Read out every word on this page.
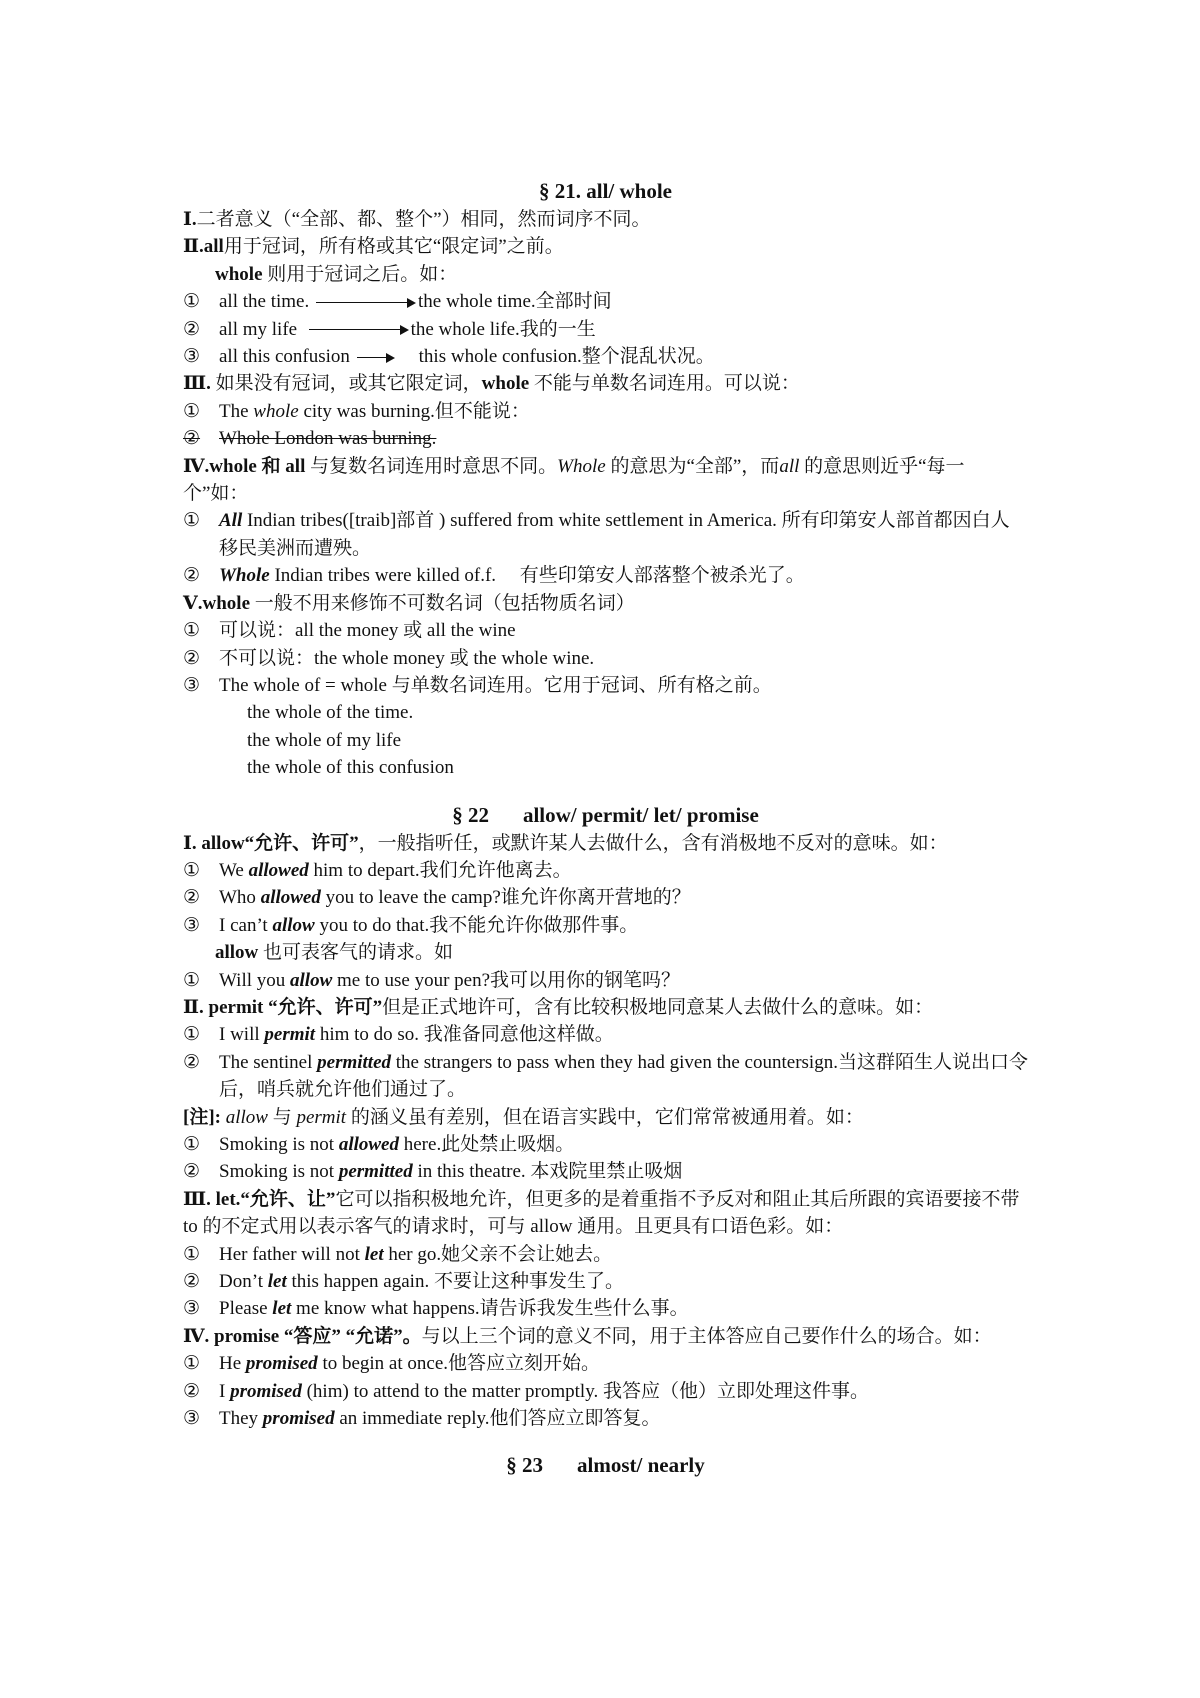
§ 21. all/ whole
Ⅰ.二者意义（“全部、都、整个”）相同，然而词序不同。
Ⅱ.all用于冠词，所有格或其它“限定词”之前。
whole 则用于冠词之后。如：
① all the time.	the whole time.全部时间
② all my life	the whole life.我的一生
③ all this confusion	this whole confusion.整个混乱状况。
Ⅲ. 如果没有冠词，或其它限定词，whole 不能与单数名词连用。可以说：
① The whole city was burning.但不能说：
② Whole London was burning.
Ⅳ.whole 和 all 与复数名词连用时意思不同。Whole 的意思为“全部”，而all 的意思则近乎“每一个”如：
① All Indian tribes([traib]部首 ) suffered from white settlement in America. 所有印第安人部首都因白人移民美洲而遭殃。
② Whole Indian tribes were killed of.f. 有些印第安人部落整个被杀光了。
Ⅴ.whole 一般不用来修饰不可数名词（包括物质名词）
① 可以说：all the money 或 all the wine
② 不可以说：the whole money 或 the whole wine.
③ The whole of = whole 与单数名词连用。它用于冠词、所有格之前。
the whole of the time.
the whole of my life
the whole of this confusion
§ 22 allow/ permit/ let/ promise
Ⅰ. allow“允许、许可”，一般指听任，或默许某人去做什么，含有消极地不反对的意味。如：
① We allowed him to depart.我们允许他离去。
② Who allowed you to leave the camp?谁允许你离开营地的？
③ I can’t allow you to do that.我不能允许你做那件事。
allow 也可表客气的请求。如
① Will you allow me to use your pen?我可以用你的钢笔吗？
Ⅱ. permit “允许、许可”但是正式地许可，含有比较积极地同意某人去做什么的意味。如：
① I will permit him to do so. 我准备同意他这样做。
② The sentinel permitted the strangers to pass when they had given the countersign.当这群陌生人说出口令后，哨兵就允许他们通过了。
[注]: allow 与 permit 的涵义虽有差别，但在语言实践中，它们常常被通用着。如：
① Smoking is not allowed here.此处禁止吸烟。
② Smoking is not permitted in this theatre. 本戏院里禁止吸烟
Ⅲ. let.“允许、让”它可以指积极地允许，但更多的是着重指不予反对和阻止其后所跟的宾语要接不带 to 的不定式用以表示客气的请求时，可与 allow 通用。且更具有口语色彩。如：
① Her father will not let her go.她父亲不会让她去。
② Don’t let this happen again. 不要让这种事发生了。
③ Please let me know what happens.请告诉我发生些什么事。
Ⅳ. promise “答应” “允诺”。与以上三个词的意义不同，用于主体答应自己要作什么的场合。如：
① He promised to begin at once.他答应立刻开始。
② I promised (him) to attend to the matter promptly. 我答应（他）立即处理这件事。
③ They promised an immediate reply.他们答应立即答复。
§ 23 almost/ nearly
